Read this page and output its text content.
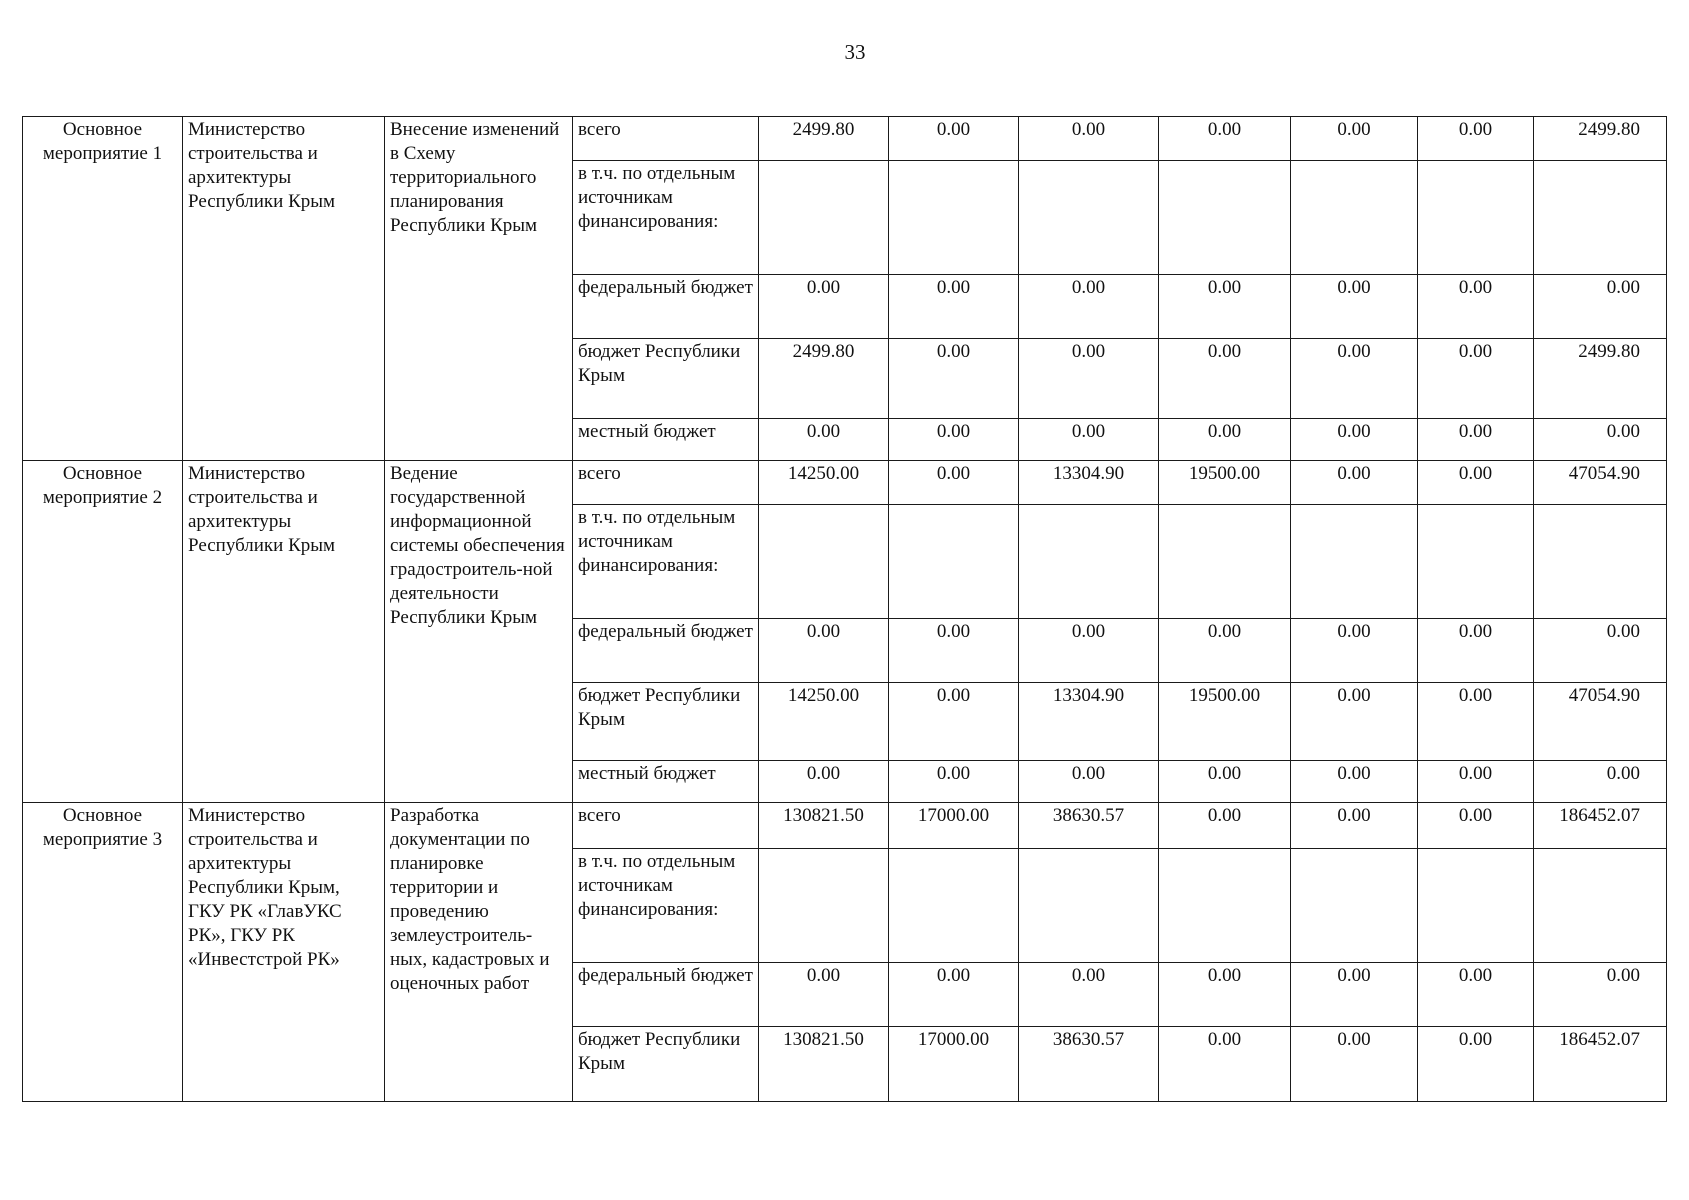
33
Основное мероприятие 1	Министерство строительства и архитектуры Республики Крым	Внесение изменений в Схему территориального планирования Республики Крым	всего	2499.80	0.00	0.00	0.00	0.00	0.00	2499.80
			в т.ч. по отдельным источникам финансирования:							
			федеральный бюджет	0.00	0.00	0.00	0.00	0.00	0.00	0.00
			бюджет Республики Крым	2499.80	0.00	0.00	0.00	0.00	0.00	2499.80
			местный бюджет	0.00	0.00	0.00	0.00	0.00	0.00	0.00
Основное мероприятие 2	Министерство строительства и архитектуры Республики Крым	Ведение государственной информационной системы обеспечения градостроитель-ной деятельности Республики Крым	всего	14250.00	0.00	13304.90	19500.00	0.00	0.00	47054.90
			в т.ч. по отдельным источникам финансирования:							
			федеральный бюджет	0.00	0.00	0.00	0.00	0.00	0.00	0.00
			бюджет Республики Крым	14250.00	0.00	13304.90	19500.00	0.00	0.00	47054.90
			местный бюджет	0.00	0.00	0.00	0.00	0.00	0.00	0.00
Основное мероприятие 3	Министерство строительства и архитектуры Республики Крым, ГКУ РК «ГлавУКС РК», ГКУ РК «Инвестстрой РК»	Разработка документации по планировке территории и проведению землеустроитель-ных, кадастровых и оценочных работ	всего	130821.50	17000.00	38630.57	0.00	0.00	0.00	186452.07
			в т.ч. по отдельным источникам финансирования:							
			федеральный бюджет	0.00	0.00	0.00	0.00	0.00	0.00	0.00
			бюджет Республики Крым	130821.50	17000.00	38630.57	0.00	0.00	0.00	186452.07
